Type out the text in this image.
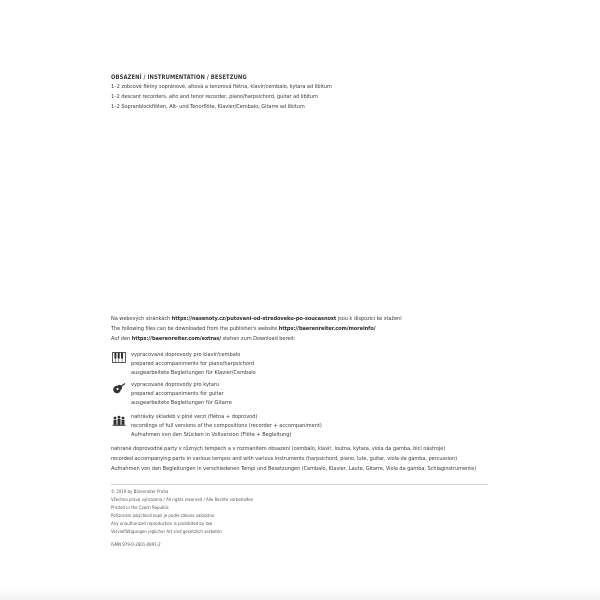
OBSAZENÍ / INSTRUMENTATION / BESETZUNG
1–2 zobcové flétny sopránové, altová a tenorová flétna, klavír/cembalo, kytara ad libitum
1–2 descant recorders, alto and tenor recorder, piano/harpsichord, guitar ad libitum
1–2 Sopranblockflöten, Alt- und Tenorflöte, Klavier/Cembalo, Gitarre ad libitum
Na webových stránkách https://nasenoty.cz/putovani-od-stredoveku-po-soucasnost jsou k dispozici ke stažení
The following files can be downloaded from the publisher's website https://baerenreiter.com/moreinfo/
Auf den https://baerenreiter.com/extras/ stehen zum Download bereit:
vypracované doprovody pro klavír/cembalo
prepared accompaniments for piano/harpsichord
ausgearbeitete Begleitungen für Klavier/Cembalo
vypracované doprovody pro kytaru
prepared accompaniments for guitar
ausgearbeitete Begleitungen für Gitarre
nahrávky skladeb v plné verzi (flétna + doprovod)
recordings of full versions of the compositions (recorder + accompaniment)
Aufnahmen von den Stücken in Vollversion (Flöte + Begleitung)
nahrané doprovodné party v různých tempech a v rozmanitém obsazení (cembalo, klavír, loutna, kytara, viola da gamba, bicí nástroje)
recorded accompanying parts in various tempos and with various instruments (harpsichord, piano, lute, guitar, viola da gamba, percussion)
Aufnahmen von den Begleitungen in verschiedenen Tempi und Besetzungen (Cembalo, Klavier, Laute, Gitarre, Viola da gamba, Schlaginstrumente)
© 2019 by Bärenreiter Praha
Všechna práva vyhrazena / All rights reserved / Alle Rechte vorbehalten
Printed in the Czech Republic
Pořizování jakýchkoli kopií je podle zákona zakázáno
Any unauthorized reproduction is prohibited by law
Vervielfältigungen jeglicher Art sind gesetzlich verboten
ISMN 979-0-2601-0891-2
